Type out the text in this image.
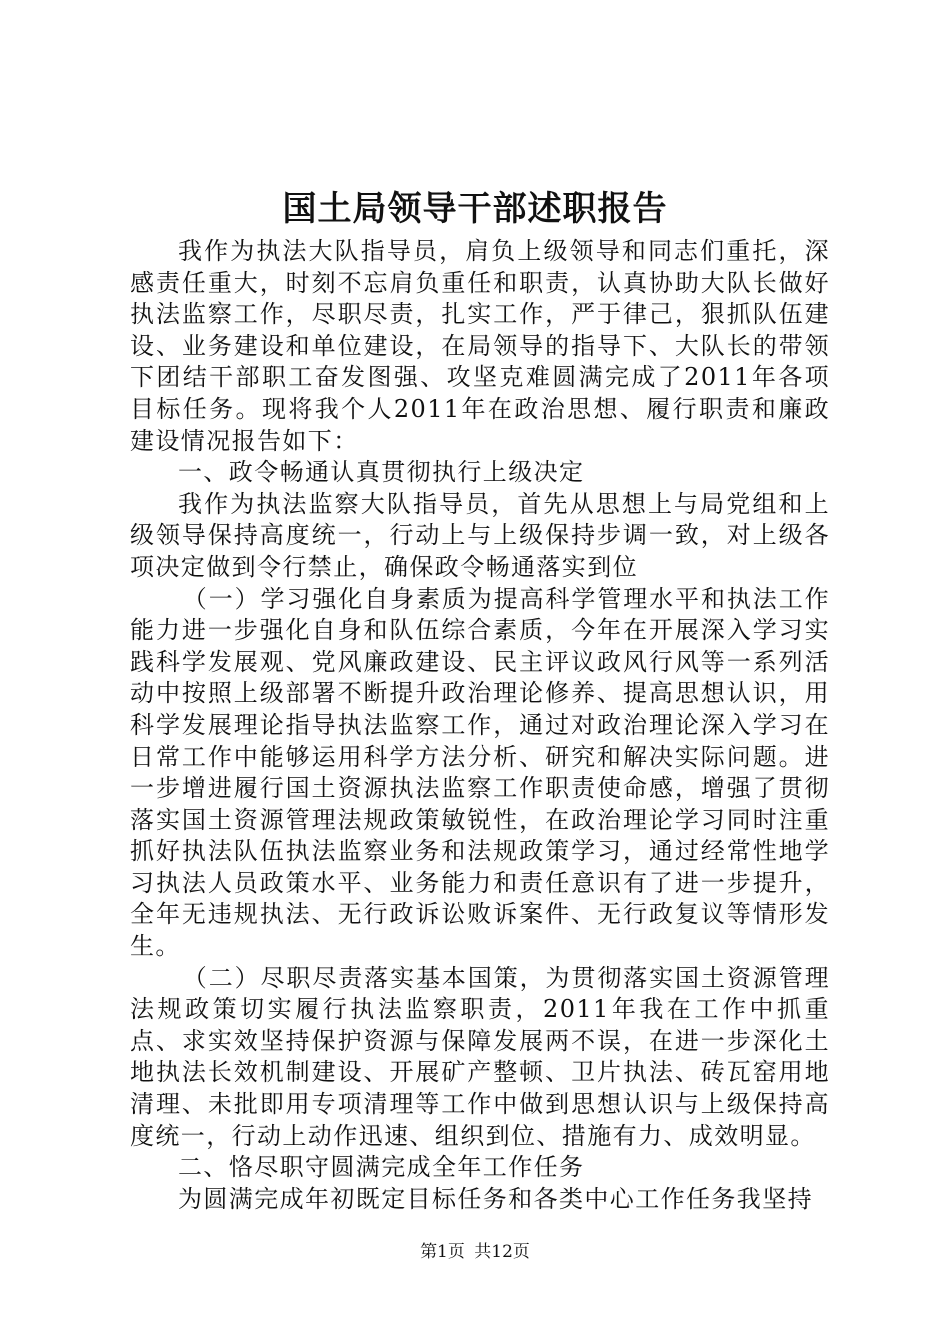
国土局领导干部述职报告

我作为执法大队指导员，肩负上级领导和同志们重托，深感责任重大，时刻不忘肩负重任和职责，认真协助大队长做好执法监察工作，尽职尽责，扎实工作，严于律己，狠抓队伍建设、业务建设和单位建设，在局领导的指导下、大队长的带领下团结干部职工奋发图强、攻坚克难圆满完成了2011年各项目标任务。现将我个人2011年在政治思想、履行职责和廉政建设情况报告如下：

一、政令畅通认真贯彻执行上级决定

我作为执法监察大队指导员，首先从思想上与局党组和上级领导保持高度统一，行动上与上级保持步调一致，对上级各项决定做到令行禁止，确保政令畅通落实到位

（一）学习强化自身素质为提高科学管理水平和执法工作能力进一步强化自身和队伍综合素质，今年在开展深入学习实践科学发展观、党风廉政建设、民主评议政风行风等一系列活动中按照上级部署不断提升政治理论修养、提高思想认识，用科学发展理论指导执法监察工作，通过对政治理论深入学习在日常工作中能够运用科学方法分析、研究和解决实际问题。进一步增进履行国土资源执法监察工作职责使命感，增强了贯彻落实国土资源管理法规政策敏锐性，在政治理论学习同时注重抓好执法队伍执法监察业务和法规政策学习，通过经常性地学习执法人员政策水平、业务能力和责任意识有了进一步提升，全年无违规执法、无行政诉讼败诉案件、无行政复议等情形发生。

（二）尽职尽责落实基本国策，为贯彻落实国土资源管理法规政策切实履行执法监察职责，2011年我在工作中抓重点、求实效坚持保护资源与保障发展两不误，在进一步深化土地执法长效机制建设、开展矿产整顿、卫片执法、砖瓦窑用地清理、未批即用专项清理等工作中做到思想认识与上级保持高度统一，行动上动作迅速、组织到位、措施有力、成效明显。

二、恪尽职守圆满完成全年工作任务

为圆满完成年初既定目标任务和各类中心工作任务我坚持

第1页 共12页
